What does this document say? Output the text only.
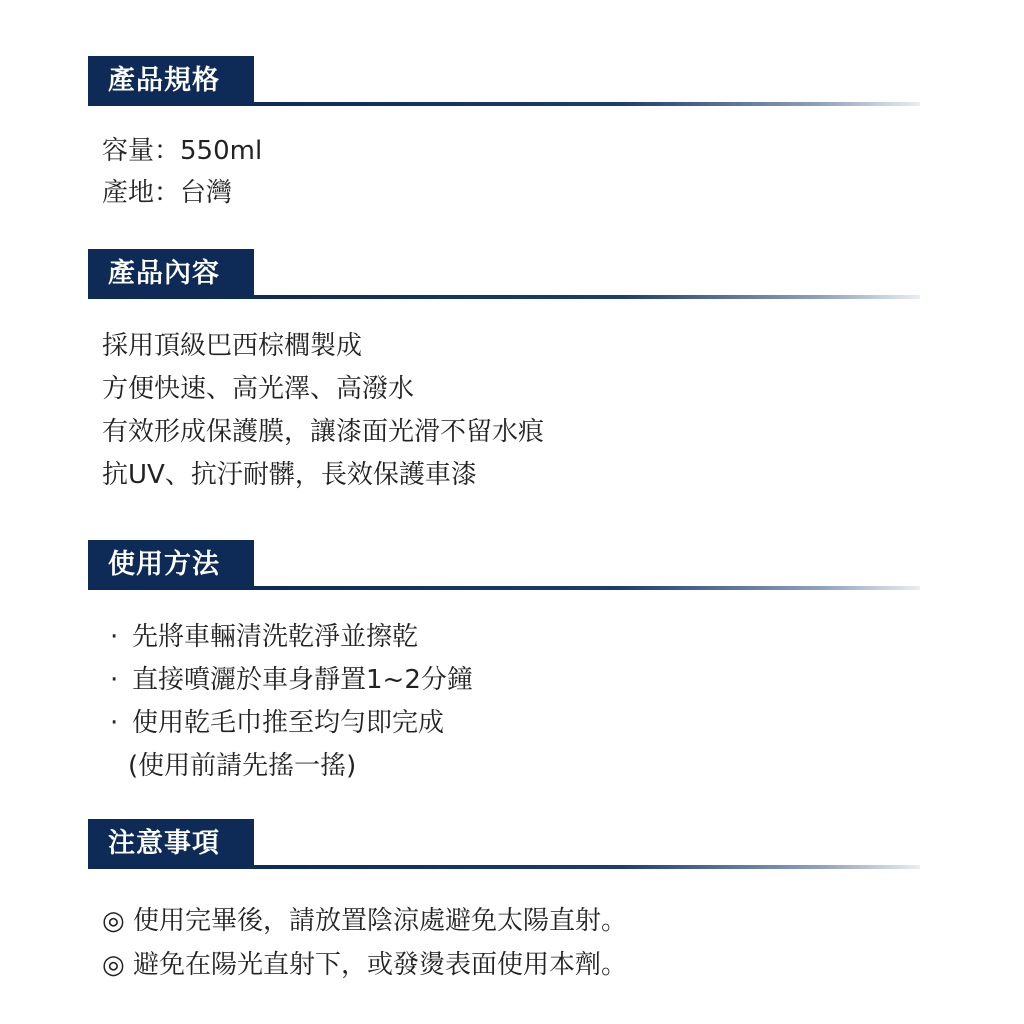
產品規格
容量：550ml
產地：台灣
產品內容
採用頂級巴西棕櫚製成
方便快速、高光澤、高潑水
有效形成保護膜，讓漆面光滑不留水痕
抗UV、抗汙耐髒，長效保護車漆
使用方法
· 先將車輛清洗乾淨並擦乾
· 直接噴灑於車身靜置1~2分鐘
· 使用乾毛巾推至均勻即完成
(使用前請先搖一搖)
注意事項
◎ 使用完畢後，請放置陰涼處避免太陽直射。
◎ 避免在陽光直射下，或發燙表面使用本劑。
